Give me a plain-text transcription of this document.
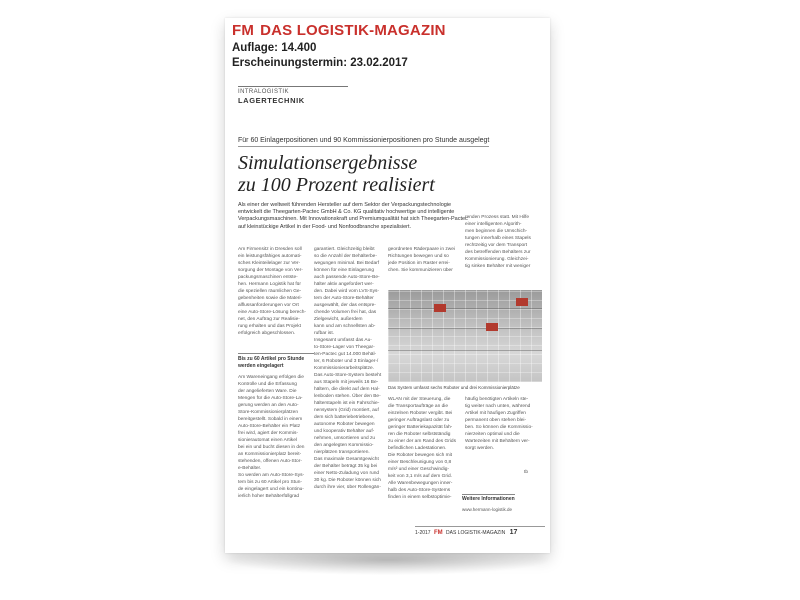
FM DAS LOGISTIK-MAGAZIN
Auflage: 14.400
Erscheinungstermin: 23.02.2017
INTRALOGISTIK
LAGERTECHNIK
Für 60 Einlagerpositionen und 90 Kommissionierpositionen pro Stunde ausgelegt
Simulationsergebnisse
zu 100 Prozent realisiert
Als einer der weltweit führenden Hersteller auf dem Sektor der Verpackungstechnologie entwickelt die Theegarten-Pactec GmbH & Co. KG qualitativ hochwertige und intelligente Verpackungsmaschinen. Mit Innovationskraft und Premiumqualität hat sich Theegarten-Pactec auf kleinstückige Artikel in der Food- und Nonfoodbranche spezialisiert.
Am Firmensitz in Dresden soll
ein leistungsfähiges automati-
sches Kleinteilelager zur Ver-
sorgung der Montage von Ver-
packungsmaschinen entste-
hen. Hermann Logistik hat für
die speziellen räumlichen Ge-
gebenheiten sowie die Materi-
alflussanforderungen vor Ort
eine Auto-Store-Lösung berech-
net, den Auftrag zur Realisie-
rung erhalten und das Projekt
erfolgreich abgeschlossen.
Bis zu 60 Artikel pro Stunde werden eingelagert
Am Wareneingang erfolgen die
Kontrolle und die Erfassung
der angelieferten Ware. Die
Mengen für die Auto-Store-La-
gerung werden an den Auto-
Store-Kommissionierplätzen
bereitgestellt. Sobald in einem
Auto-Store-Behälter ein Platz
frei wird, agiert der Kommis-
sionierautomat einen Artikel
bei ein und bucht diesen in den
an Kommissionierplatz bereit-
stehenden, offenen Auto-Stor-
e-Behälter.
So werden am Auto-Store-Sys-
tem bis zu 60 Artikel pro Stun-
de eingelagert und ein kontinu-
ierlich hoher Behälterfüllgrad
garantiert. Gleichzeitig bleibt
so die Anzahl der Behälterbe-
wegungen minimal. Bei Bedarf
können für eine Einlagerung
auch passende Auto-Store-Be-
hälter aktiv angefordert wer-
den. Dabei wird vom LVS-Sys-
tem der Auto-Store-Behälter
ausgewählt, der das entspre-
chende Volumen frei hat, das
Zielgewicht, außerdem
kann und am schnellsten ab-
rufbar ist.
Insgesamt umfasst das Au-
to-Store-Lager von Theegar-
ten-Pactec gut 14.000 Behäl-
ter, 6 Roboter und 3 Einlager-/
Kommissionierarbeitsplätze.
Das Auto-Store-System besteht
aus Stapeln mit jeweils 16 Be-
hältern, die direkt auf dem Hal-
lenboden stehen. Über den Be-
hälterstapeln ist ein Fahrschie-
nensystem (Grid) montiert, auf
dem sich batteriebetriebene,
autonome Roboter bewegen
und kooperativ Behälter auf-
nehmen, umsortieren und zu
den angelegten Kommissio-
nierplätzen transportieren.
Das maximale Gesamtgewicht
der Behälter beträgt 35 kg bei
einer Netto-Zuladung von rund
30 kg. Die Roboter können sich
durch ihre vier, über Rollengän-
geordneten Räderpaare in zwei
Richtungen bewegen und so
jede Position im Raster errei-
chen. Sie kommunizieren über
renden Prozess statt. Mit Hilfe
einer intelligenten Algorith-
men beginnen die Umschich-
tungen innerhalb eines Stapels
rechtzeitig vor dem Transport
des betreffenden Behälters zur
Kommissionierung. Gleichzei-
tig sinken Behälter mit weniger
Das System umfasst sechs Roboter und drei Kommissionierplätze
WLAN mit der Steuerung, die
die Transportaufträge an die
einzelnen Roboter vergibt. Bei
geringer Auftragslast oder zu
geringer Batteriekapazität fah-
ren die Roboter selbstständig
zu einer der am Rand des Grids
befindlichen Ladestationen.
Die Roboter bewegen sich mit
einer Beschleunigung von 0,8
m/s² und einer Geschwindig-
keit von 3,1 m/s auf dem Grid.
Alle Warenbewegungen inner-
halb des Auto-Store-Systems
finden in einem selbstoptimie-
häufig benötigten Artikeln ste-
tig weiter nach unten, während
Artikel mit häufigen Zugriffen
permanent oben stehen blei-
ben. So können die Kommissio-
nierzeiten optimal und die
Wartezeiten mit Behältern ver-
sorgt werden.
tb
Weitere Informationen
www.hermann-logistik.de
1-2017 FM DAS LOGISTIK-MAGAZIN 17
